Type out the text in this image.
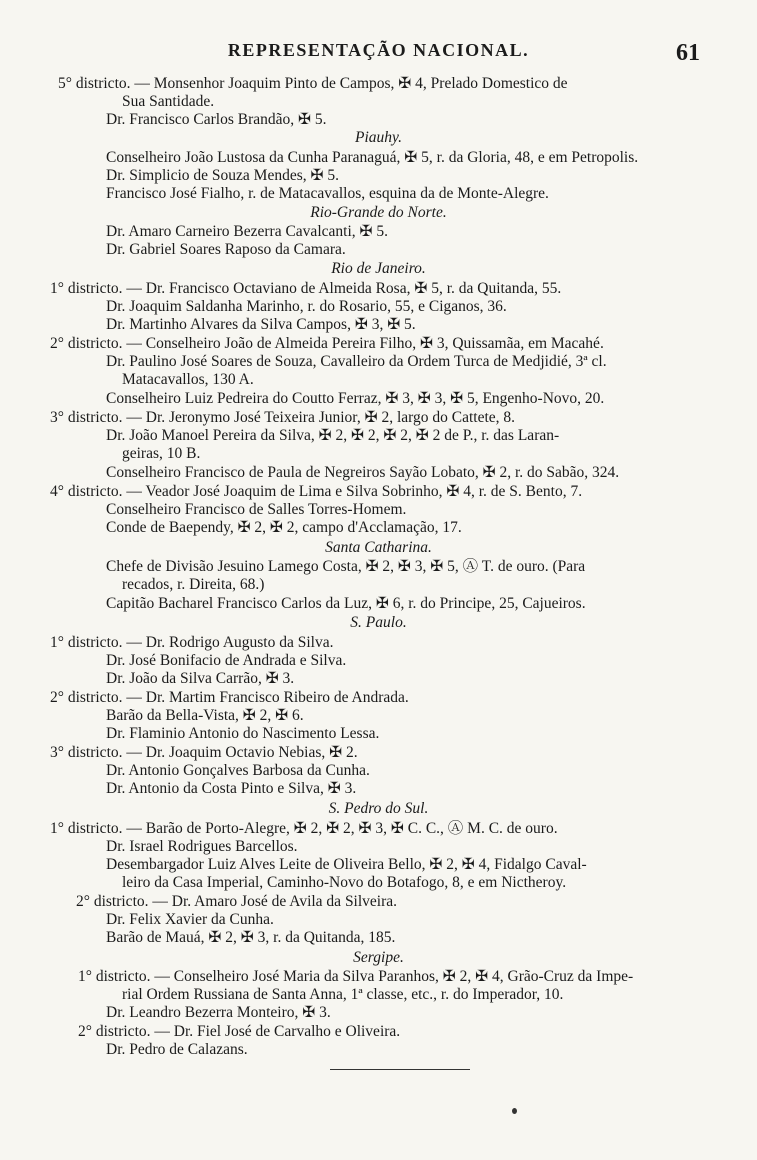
REPRESENTAÇÃO NACIONAL.	61
5° districto. — Monsenhor Joaquim Pinto de Campos, ✠ 4, Prelado Domestico de
Sua Santidade.
Dr. Francisco Carlos Brandão, ✠ 5.
Piauhy.
Conselheiro João Lustosa da Cunha Paranaguá, ✠ 5, r. da Gloria, 48, e em Petropolis.
Dr. Simplicio de Souza Mendes, ✠ 5.
Francisco José Fialho, r. de Matacavallos, esquina da de Monte-Alegre.
Rio-Grande do Norte.
Dr. Amaro Carneiro Bezerra Cavalcanti, ✠ 5.
Dr. Gabriel Soares Raposo da Camara.
Rio de Janeiro.
1° districto. — Dr. Francisco Octaviano de Almeida Rosa, ✠ 5, r. da Quitanda, 55.
Dr. Joaquim Saldanha Marinho, r. do Rosario, 55, e Ciganos, 36.
Dr. Martinho Alvares da Silva Campos, ✠ 3, ✠ 5.
2° districto. — Conselheiro João de Almeida Pereira Filho, ✠ 3, Quissamãa, em Macahé.
Dr. Paulino José Soares de Souza, Cavalleiro da Ordem Turca de Medjidié, 3ª cl.
Matacavallos, 130 A.
Conselheiro Luiz Pedreira do Coutto Ferraz, ✠ 3, ✠ 3, ✠ 5, Engenho-Novo, 20.
3° districto. — Dr. Jeronymo José Teixeira Junior, ✠ 2, largo do Cattete, 8.
Dr. João Manoel Pereira da Silva, ✠ 2, ✠ 2, ✠ 2, ✠ 2 de P., r. das Laran-
geiras, 10 B.
Conselheiro Francisco de Paula de Negreiros Sayão Lobato, ✠ 2, r. do Sabão, 324.
4° districto. — Veador José Joaquim de Lima e Silva Sobrinho, ✠ 4, r. de S. Bento, 7.
Conselheiro Francisco de Salles Torres-Homem.
Conde de Baependy, ✠ 2, ✠ 2, campo d'Acclamação, 17.
Santa Catharina.
Chefe de Divisão Jesuino Lamego Costa, ✠ 2, ✠ 3, ✠ 5, Ⓐ T. de ouro. (Para
recados, r. Direita, 68.)
Capitão Bacharel Francisco Carlos da Luz, ✠ 6, r. do Principe, 25, Cajueiros.
S. Paulo.
1° districto. — Dr. Rodrigo Augusto da Silva.
Dr. José Bonifacio de Andrada e Silva.
Dr. João da Silva Carrão, ✠ 3.
2° districto. — Dr. Martim Francisco Ribeiro de Andrada.
Barão da Bella-Vista, ✠ 2, ✠ 6.
Dr. Flaminio Antonio do Nascimento Lessa.
3° districto. — Dr. Joaquim Octavio Nebias, ✠ 2.
Dr. Antonio Gonçalves Barbosa da Cunha.
Dr. Antonio da Costa Pinto e Silva, ✠ 3.
S. Pedro do Sul.
1° districto. — Barão de Porto-Alegre, ✠ 2, ✠ 2, ✠ 3, ✠ C. C., Ⓐ M. C. de ouro.
Dr. Israel Rodrigues Barcellos.
Desembargador Luiz Alves Leite de Oliveira Bello, ✠ 2, ✠ 4, Fidalgo Caval-
leiro da Casa Imperial, Caminho-Novo do Botafogo, 8, e em Nictheroy.
2° districto. — Dr. Amaro José de Avila da Silveira.
Dr. Felix Xavier da Cunha.
Barão de Mauá, ✠ 2, ✠ 3, r. da Quitanda, 185.
Sergipe.
1° districto. — Conselheiro José Maria da Silva Paranhos, ✠ 2, ✠ 4, Grão-Cruz da Impe-
rial Ordem Russiana de Santa Anna, 1ª classe, etc., r. do Imperador, 10.
Dr. Leandro Bezerra Monteiro, ✠ 3.
2° districto. — Dr. Fiel José de Carvalho e Oliveira.
Dr. Pedro de Calazans.
